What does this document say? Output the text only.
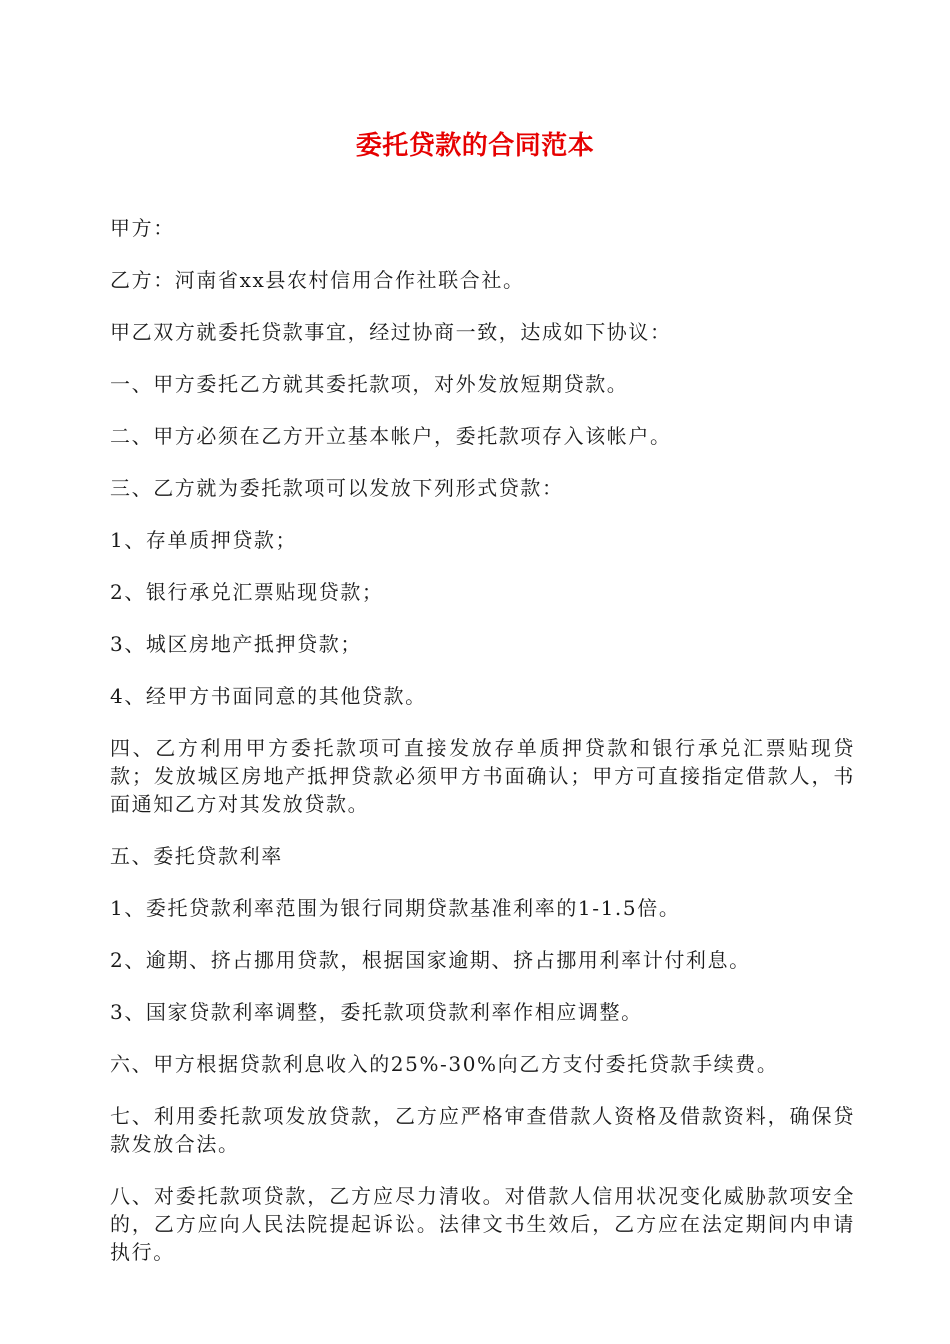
委托贷款的合同范本

甲方：

乙方：河南省xx县农村信用合作社联合社。

甲乙双方就委托贷款事宜，经过协商一致，达成如下协议：

一、甲方委托乙方就其委托款项，对外发放短期贷款。

二、甲方必须在乙方开立基本帐户，委托款项存入该帐户。

三、乙方就为委托款项可以发放下列形式贷款：

1、存单质押贷款；

2、银行承兑汇票贴现贷款；

3、城区房地产抵押贷款；

4、经甲方书面同意的其他贷款。

四、乙方利用甲方委托款项可直接发放存单质押贷款和银行承兑汇票贴现贷款；发放城区房地产抵押贷款必须甲方书面确认；甲方可直接指定借款人，书面通知乙方对其发放贷款。

五、委托贷款利率

1、委托贷款利率范围为银行同期贷款基准利率的1-1.5倍。

2、逾期、挤占挪用贷款，根据国家逾期、挤占挪用利率计付利息。

3、国家贷款利率调整，委托款项贷款利率作相应调整。

六、甲方根据贷款利息收入的25%-30%向乙方支付委托贷款手续费。

七、利用委托款项发放贷款，乙方应严格审查借款人资格及借款资料，确保贷款发放合法。

八、对委托款项贷款，乙方应尽力清收。对借款人信用状况变化威胁款项安全的，乙方应向人民法院提起诉讼。法律文书生效后，乙方应在法定期间内申请执行。
